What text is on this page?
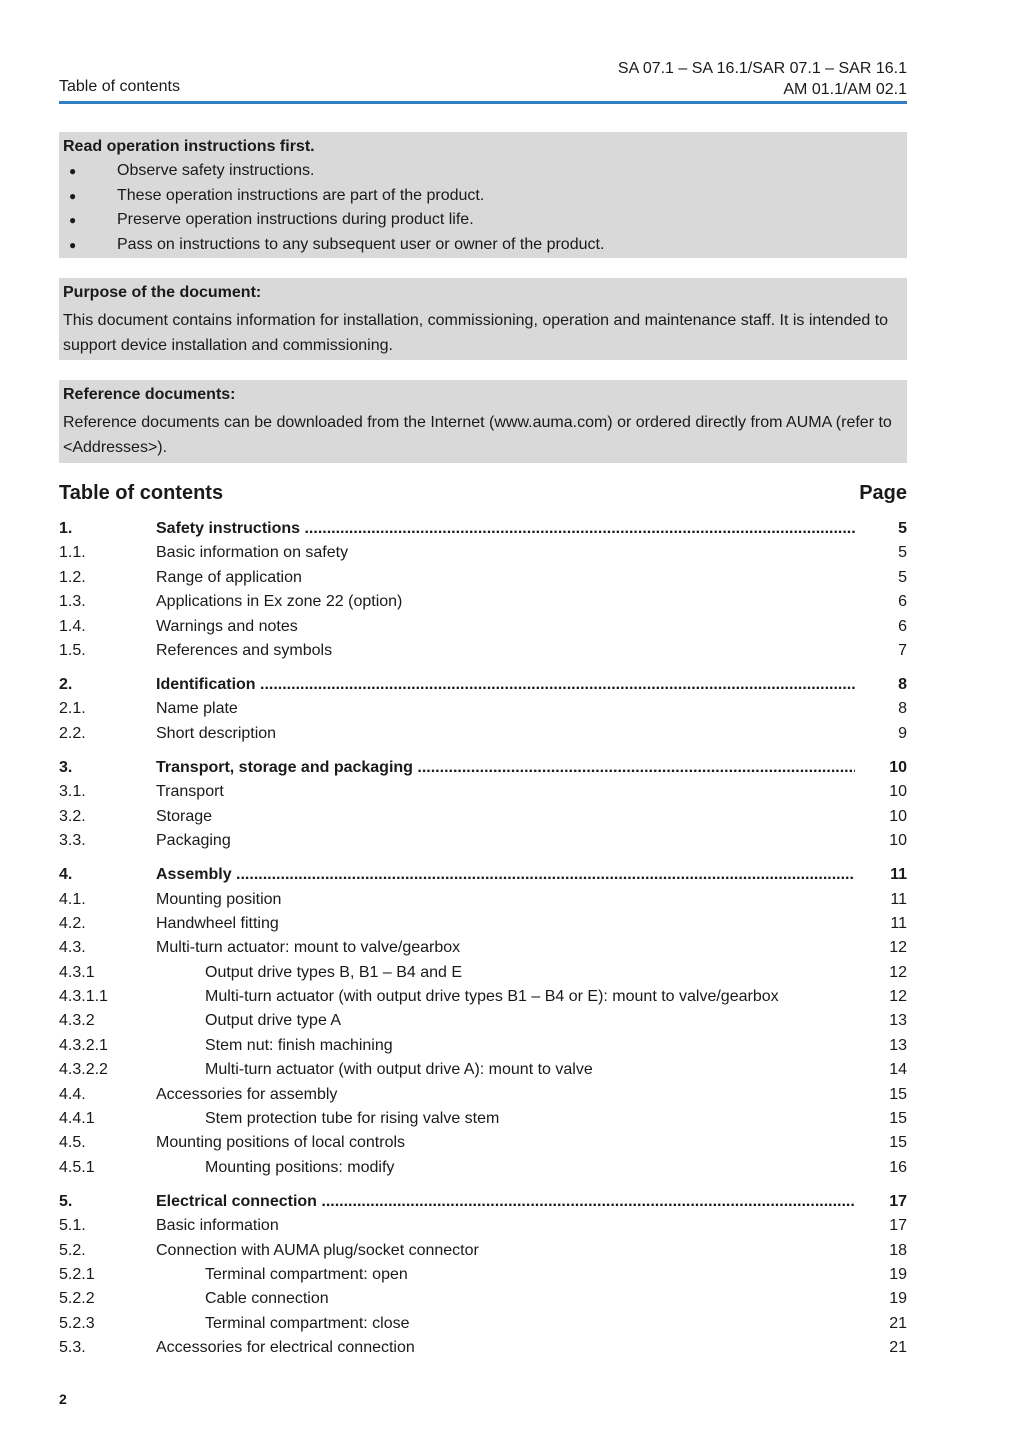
Table of contents
SA 07.1 – SA 16.1/SAR 07.1 – SAR 16.1
AM 01.1/AM 02.1
Read operation instructions first.
●	Observe safety instructions.
●	These operation instructions are part of the product.
●	Preserve operation instructions during product life.
●	Pass on instructions to any subsequent user or owner of the product.
Purpose of the document:
This document contains information for installation, commissioning, operation and maintenance staff. It is intended to support device installation and commissioning.
Reference documents:
Reference documents can be downloaded from the Internet (www.auma.com) or ordered directly from AUMA (refer to <Addresses>).
Table of contents	Page
1.	Safety instructions .....	5
1.1.	Basic information on safety	5
1.2.	Range of application	5
1.3.	Applications in Ex zone 22 (option)	6
1.4.	Warnings and notes	6
1.5.	References and symbols	7
2.	Identification .....	8
2.1.	Name plate	8
2.2.	Short description	9
3.	Transport, storage and packaging .....	10
3.1.	Transport	10
3.2.	Storage	10
3.3.	Packaging	10
4.	Assembly .....	11
4.1.	Mounting position	11
4.2.	Handwheel fitting	11
4.3.	Multi-turn actuator: mount to valve/gearbox	12
4.3.1	Output drive types B, B1 – B4 and E	12
4.3.1.1	Multi-turn actuator (with output drive types B1 – B4 or E): mount to valve/gearbox	12
4.3.2	Output drive type A	13
4.3.2.1	Stem nut: finish machining	13
4.3.2.2	Multi-turn actuator (with output drive A): mount to valve	14
4.4.	Accessories for assembly	15
4.4.1	Stem protection tube for rising valve stem	15
4.5.	Mounting positions of local controls	15
4.5.1	Mounting positions: modify	16
5.	Electrical connection .....	17
5.1.	Basic information	17
5.2.	Connection with AUMA plug/socket connector	18
5.2.1	Terminal compartment: open	19
5.2.2	Cable connection	19
5.2.3	Terminal compartment: close	21
5.3.	Accessories for electrical connection	21
2
